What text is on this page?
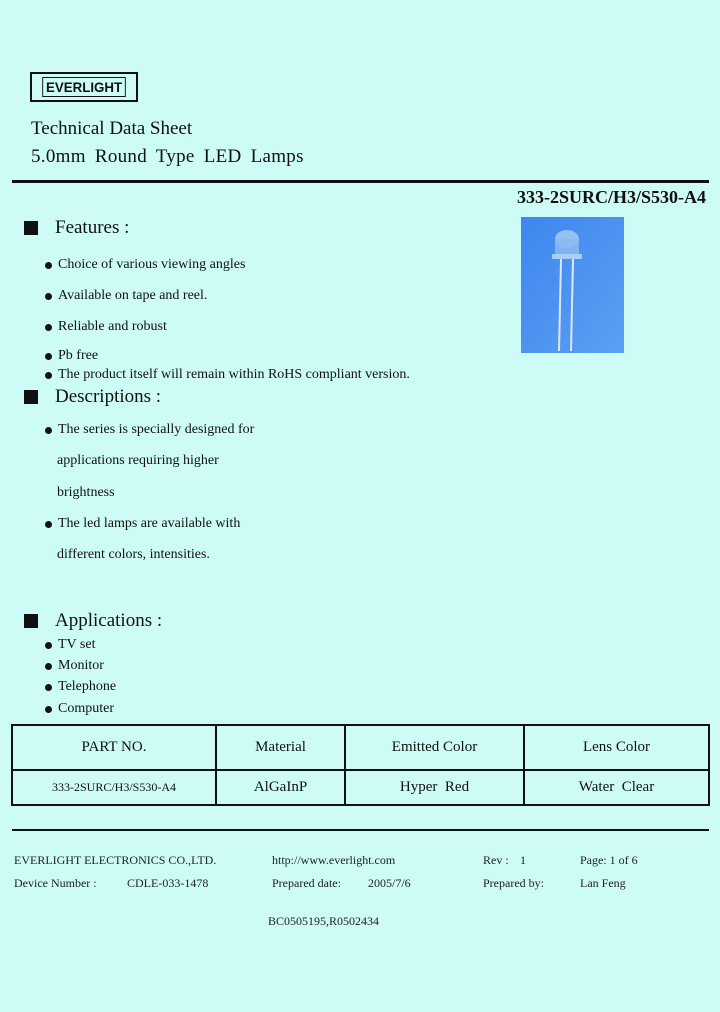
EVERLIGHT
Technical Data Sheet
5.0mm Round Type LED Lamps
333-2SURC/H3/S530-A4
Features :
Choice of various viewing angles
Available on tape and reel.
Reliable and robust
Pb free
The product itself will remain within RoHS compliant version.
Descriptions :
The series is specially designed for
applications requiring higher
brightness
The led lamps are available with
different colors, intensities.
Applications :
TV set
Monitor
Telephone
Computer
PART NO.	Material	Emitted Color	Lens Color
333-2SURC/H3/S530-A4	AlGaInP	Hyper  Red	Water  Clear
EVERLIGHT ELECTRONICS CO.,LTD.	http://www.everlight.com	Rev : 1	Page: 1 of 6
Device Number :	CDLE-033-1478	Prepared date: 2005/7/6	Prepared by:	Lan Feng
BC0505195,R0502434
